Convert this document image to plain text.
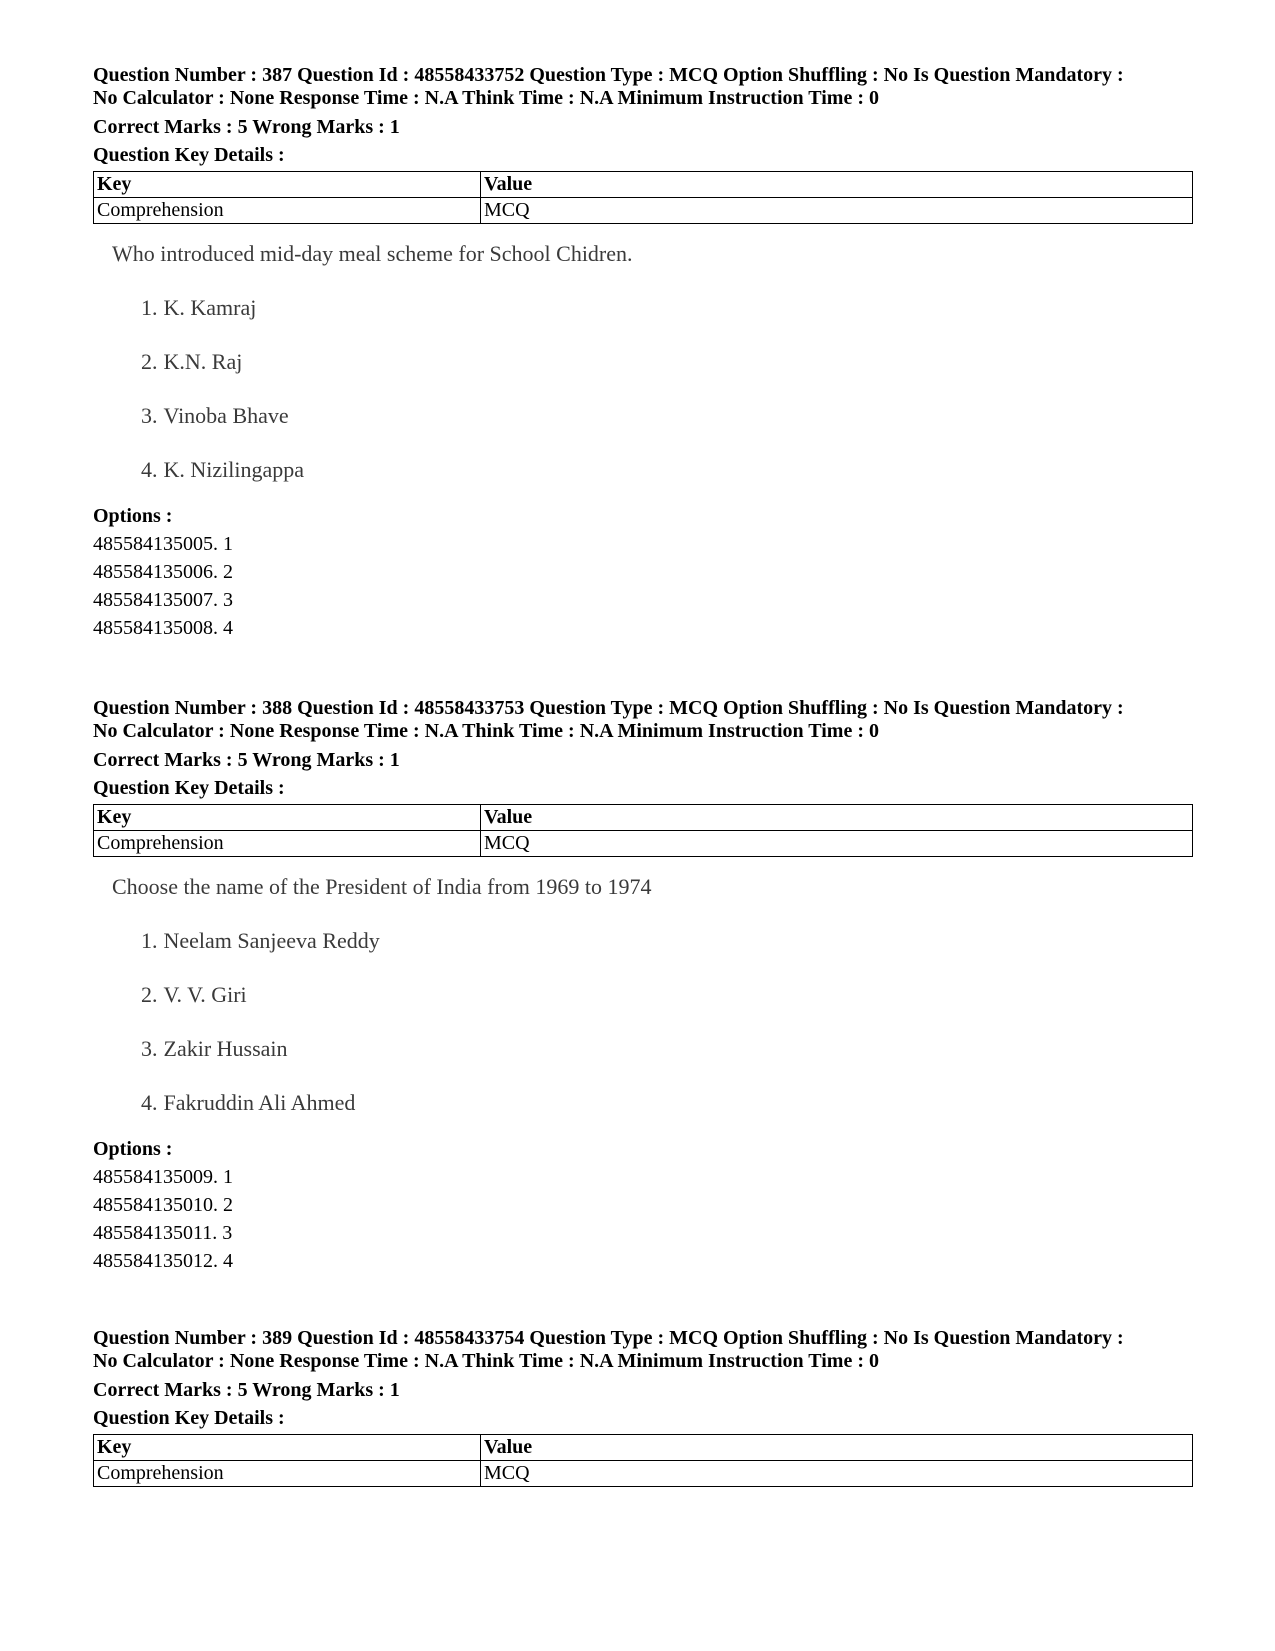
Question Number : 387 Question Id : 48558433752 Question Type : MCQ Option Shuffling : No Is Question Mandatory :

No Calculator : None Response Time : N.A Think Time : N.A Minimum Instruction Time : 0

Correct Marks : 5 Wrong Marks : 1
Question Key Details :
Key	Value
Comprehension	MCQ

Who introduced mid-day meal scheme for School Chidren.

1. K. Kamraj
2. K.N. Raj
3. Vinoba Bhave
4. K. Nizilingappa
Options :
485584135005. 1
485584135006. 2
485584135007. 3
485584135008. 4

Question Number : 388 Question Id : 48558433753 Question Type : MCQ Option Shuffling : No Is Question Mandatory :

No Calculator : None Response Time : N.A Think Time : N.A Minimum Instruction Time : 0

Correct Marks : 5 Wrong Marks : 1
Question Key Details :
Key	Value
Comprehension	MCQ

Choose the name of the President of India from 1969 to 1974

1. Neelam Sanjeeva Reddy
2. V. V. Giri
3. Zakir Hussain
4. Fakruddin Ali Ahmed
Options :
485584135009. 1
485584135010. 2
485584135011. 3
485584135012. 4

Question Number : 389 Question Id : 48558433754 Question Type : MCQ Option Shuffling : No Is Question Mandatory :

No Calculator : None Response Time : N.A Think Time : N.A Minimum Instruction Time : 0

Correct Marks : 5 Wrong Marks : 1
Question Key Details :
Key	Value
Comprehension	MCQ
